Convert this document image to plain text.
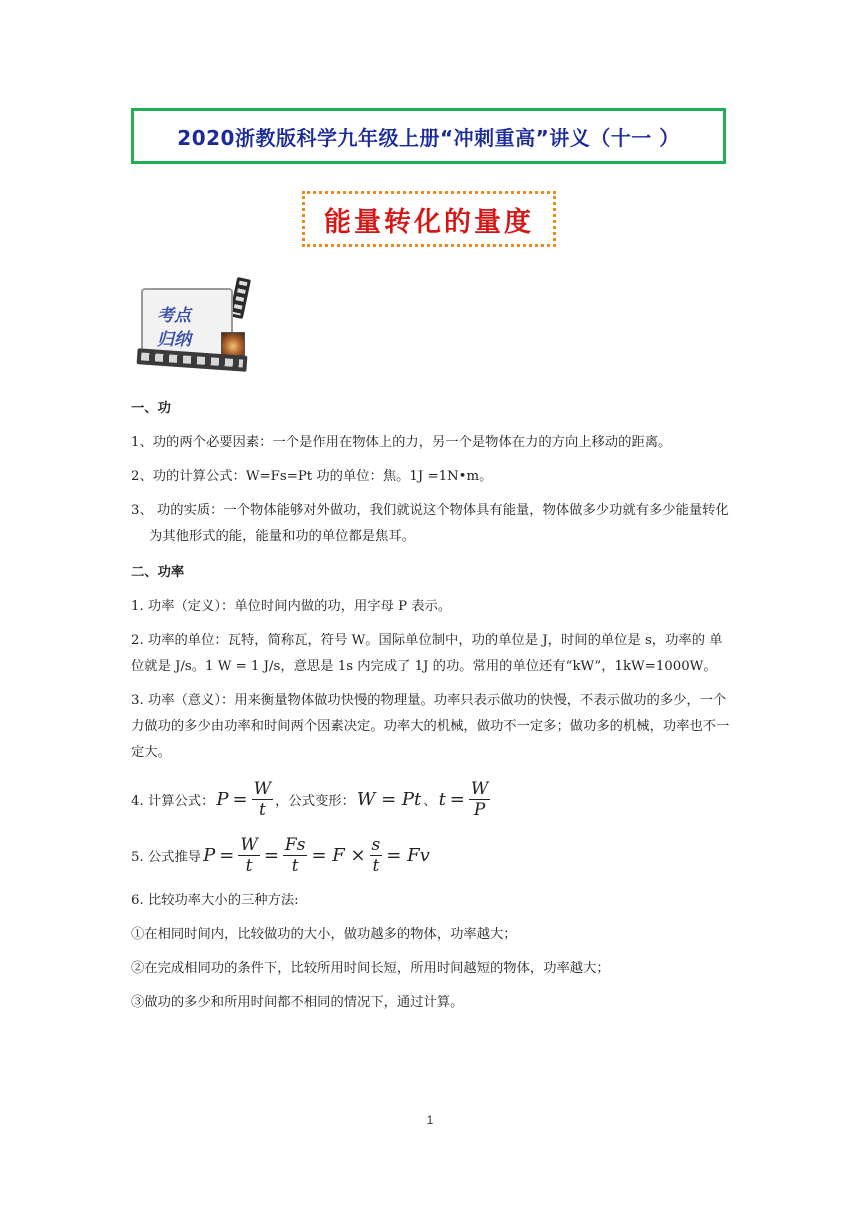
2020浙教版科学九年级上册“冲刺重高”讲义（十一 ）
能量转化的量度
考点
归纳

一、功

1、功的两个必要因素：一个是作用在物体上的力，另一个是物体在力的方向上移动的距离。

2、功的计算公式：W=Fs=Pt 功的单位：焦。1J =1N•m。

3、 功的实质：一个物体能够对外做功，我们就说这个物体具有能量，物体做多少功就有多少能量转化为其他形式的能，能量和功的单位都是焦耳。

二、功率

1. 功率（定义）：单位时间内做的功，用字母 P 表示。

2. 功率的单位：瓦特，简称瓦，符号 W。国际单位制中，功的单位是 J，时间的单位是 s，功率的 单位就是 J/s。1 W = 1 J/s，意思是 1s 内完成了 1J 的功。常用的单位还有“kW”，1kW=1000W。

3. 功率（意义）：用来衡量物体做功快慢的物理量。功率只表示做功的快慢，不表示做功的多少，一个力做功的多少由功率和时间两个因素决定。功率大的机械，做功不一定多；做功多的机械，功率也不一定大。

4. 计算公式： $P = \frac{W}{t}$ ，公式变形： W = Pt 、 $t = \frac{W}{P}$
5. 公式推导 $P = \frac{W}{t} = \frac{Fs}{t} = F \times \frac{s}{t} = Fv$

6. 比较功率大小的三种方法:

①在相同时间内，比较做功的大小，做功越多的物体，功率越大；

②在完成相同功的条件下，比较所用时间长短，所用时间越短的物体，功率越大；

③做功的多少和所用时间都不相同的情况下，通过计算。

1
